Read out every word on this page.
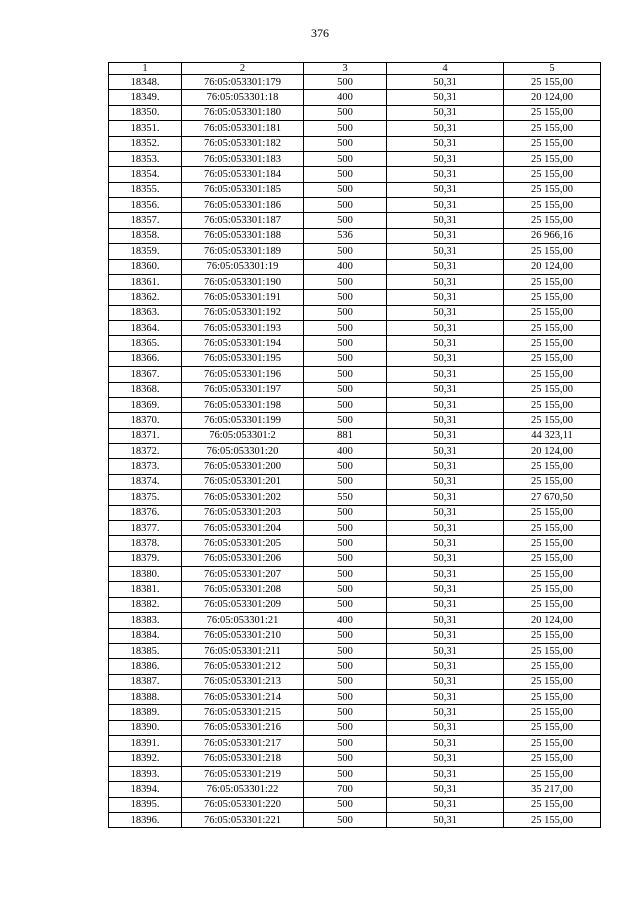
376
1	2	3	4	5
18348.	76:05:053301:179	500	50,31	25 155,00
18349.	76:05:053301:18	400	50,31	20 124,00
18350.	76:05:053301:180	500	50,31	25 155,00
18351.	76:05:053301:181	500	50,31	25 155,00
18352.	76:05:053301:182	500	50,31	25 155,00
18353.	76:05:053301:183	500	50,31	25 155,00
18354.	76:05:053301:184	500	50,31	25 155,00
18355.	76:05:053301:185	500	50,31	25 155,00
18356.	76:05:053301:186	500	50,31	25 155,00
18357.	76:05:053301:187	500	50,31	25 155,00
18358.	76:05:053301:188	536	50,31	26 966,16
18359.	76:05:053301:189	500	50,31	25 155,00
18360.	76:05:053301:19	400	50,31	20 124,00
18361.	76:05:053301:190	500	50,31	25 155,00
18362.	76:05:053301:191	500	50,31	25 155,00
18363.	76:05:053301:192	500	50,31	25 155,00
18364.	76:05:053301:193	500	50,31	25 155,00
18365.	76:05:053301:194	500	50,31	25 155,00
18366.	76:05:053301:195	500	50,31	25 155,00
18367.	76:05:053301:196	500	50,31	25 155,00
18368.	76:05:053301:197	500	50,31	25 155,00
18369.	76:05:053301:198	500	50,31	25 155,00
18370.	76:05:053301:199	500	50,31	25 155,00
18371.	76:05:053301:2	881	50,31	44 323,11
18372.	76:05:053301:20	400	50,31	20 124,00
18373.	76:05:053301:200	500	50,31	25 155,00
18374.	76:05:053301:201	500	50,31	25 155,00
18375.	76:05:053301:202	550	50,31	27 670,50
18376.	76:05:053301:203	500	50,31	25 155,00
18377.	76:05:053301:204	500	50,31	25 155,00
18378.	76:05:053301:205	500	50,31	25 155,00
18379.	76:05:053301:206	500	50,31	25 155,00
18380.	76:05:053301:207	500	50,31	25 155,00
18381.	76:05:053301:208	500	50,31	25 155,00
18382.	76:05:053301:209	500	50,31	25 155,00
18383.	76:05:053301:21	400	50,31	20 124,00
18384.	76:05:053301:210	500	50,31	25 155,00
18385.	76:05:053301:211	500	50,31	25 155,00
18386.	76:05:053301:212	500	50,31	25 155,00
18387.	76:05:053301:213	500	50,31	25 155,00
18388.	76:05:053301:214	500	50,31	25 155,00
18389.	76:05:053301:215	500	50,31	25 155,00
18390.	76:05:053301:216	500	50,31	25 155,00
18391.	76:05:053301:217	500	50,31	25 155,00
18392.	76:05:053301:218	500	50,31	25 155,00
18393.	76:05:053301:219	500	50,31	25 155,00
18394.	76:05:053301:22	700	50,31	35 217,00
18395.	76:05:053301:220	500	50,31	25 155,00
18396.	76:05:053301:221	500	50,31	25 155,00
